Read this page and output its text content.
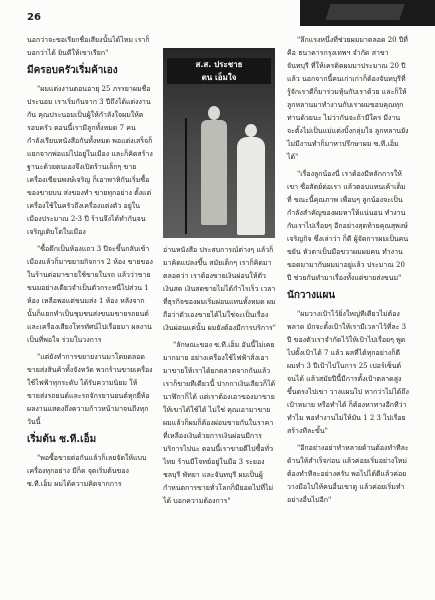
26

นอกว่าจะขอเรียกชื่อเสียงนั้นได้ไหม เราก็บอกว่าได้ ยินดีให้เขาเรียก"

มีครอบครัวเริ่มค้าเอง

"ผมแต่งงานตอนอายุ 25 ภรรยาผมชื่อ ประนอม เราเริ่มกันจาก 3 ปีถึงได้แต่งงานกัน คุณประนอมเป็นผู้ให้กำลังใจผมให้ตรอบครัว ตอนนี้เรามีลูกทั้งหมด 7 คน กำลังเรียนหนังสือกันทั้งหมด พอแต่งเสร็จก็แยกจากพ่อแม่ไปอยู่ในเมือง และก็คิดสร้างฐานะด้วยตนเองจึงเปิดร้านเล็กๆ ขายเครื่องเขียนพงษ์เจริญ ก็เอาพาหิกันเริ่มซื้อของขายบน ส่งของทำ ขายทุกอย่าง ตั้งแต่เครื่องใช้ในครัวถึงเครื่องแต่งตัว อยู่ในเมืองประมาณ 2-3 ปี ร้านจึงได้ทำกันจนเจริญเติบโตในเมือง

"ซื้อตึกเป็นห้องแถว 3 ปีจะขึ้นกลับเข้าเมืองแล้วก็มาขยายกิจการ 2 ห้อง ขายของในร้านต่อมาขายใช้ขายในรถ แล้วว่าขายขนมอย่างเดียวจำเป็นตัวกระหนี่ไปส่วน 1 ห้อง เหลือพอแต่ขนมส่ง 1 ห้อง หลังจากนั้นก็แยกทำเป็นชุมชนส่งขนมขายรถยนต์และเครื่องเสียงโทรทัศน์ไปเรื่อยมา ผลงานเป็นที่พอใจ ร่วมในวงการ

"แต่ยังทำการขยายงานมาโดยตลอด ขายส่งสินค้าทั้งจังหวัด พวกร้านขายเครื่องใช้ไฟฟ้าทุกระดับ ได้รับความนิยม ให้ขายส่งรถยนต์และรถจักรยานยนต์ทุกยี่ห้อ ผลงานแสดงถึงความก้าวหน้ามาจนถึงทุกวันนี้

เริ่มต้น ซ.ที.เอ็ม

"พอซื้อขายต่อกันแล้วก็เลยจัดให้แบบเครื่องทุกอย่าง มีก็ด จุดเริ่มต้นของ ซ.ที.เอ็ม ผมได้ความคิดจากการ

ส.ส. ประชาธ
ตน เอ็มใจ

อ่านหนังสือ ประสบการณ์ต่างๆ แล้วก็มาคิดแปลงขึ้น สมัยเด็กๆ เราก็คิดมาตลอดว่า เราต้องขายเงินผ่อนให้ตัวเงินสด เงินสดขายไม่ได้กำไรเร็ว เวลาที่ธุรกิจของผมเริ่มผ่อนแทนทั้งหมด ผมถือว่าตัวเองขายได้ไม่ใช่จะเป็นเรื่องเงินผ่อนแค่นั้น ผมยังต้องมีการบริการ"

"ลักษณะของ ซ.ที.เอ็ม อันนี้ไม่เคยมากมาย อย่างเครื่องใช้ไฟฟ้าสิ่งเอามาขายให้เราได้ยกตลาดจากกันแล้วเราก็ขายทีเดียวนี้ ปากกาเงินเลียวก็ได้นาฬิกาก็ได้ แต่เราต้องเอาของมาขายให้เขาได้ใช้ได้ ไม่ใช่ คุณเอามาขายผมแล้วก็ผมก็ต้องผ่อนขายกันในราคาที่เหลืองเงินด้วยการเงินผ่อนมีการบริการไปนะ ตอนนี้เราขายดีไปซื้อทั่วไทย ร้านมีโจทย์อยู่ในมือ 3 ระยอง ชลบุรี พัทยา และจันทบุรี ผมเป็นผู้กำหนดการขายทั่วโลกก็มียอดไปที่ไม่ได้ บอกความต้องการ"

"ลึกแรงหนึ่งที่ช่วยผมมาตลอด 20 ปีที่คือ ธนาคารกรุงเทพฯ จำกัด สาขาจันทบุรี ที่ให้เครดิตผมมาประมาณ 20 ปีแล้ว นอกจากนี้คนเก่าเก่าก็ต้องจันทบุรีที่รู้จักเราดีก็มาร่วมหุ้นกับเราด้วย และก็ให้ลูกหลานมาทำงานกับเราผมขอบคุณทุกท่านด้วยนะ ไม่ว่ากันจะถ้ามีใคร มีงาน จะตั้งไม่เป็นแม่แต่งบิ้งกลุ่มใจ ลูกหลานยังไม่มีงานทำก็มาหาปรึกษาผม ซ.ที.เอ็ม ได้"

"เรื่องลูกน้องนี่ เราต้องมีหลักการให้เขา ซื่อสัตย์ต่อเรา แล้วตอบแทนเค้าเต็มที่ ขณะนี้คุณภาพ เพื่อนๆ ลูกน้องจะเป็นกำลังสำคัญของผมหาให้แน่นอน ทำงานกับเราไปเรื่อยๆ อีกอย่างสุดท้ายคุณสุพงษ์ เจริญกิจ ซึ่งเล่าว่า ก็ดี ผู้จัดการผมเป็นคนขยัน หัวตาเป็นมือขวาผมผมคน ทำงานขอดมามากับผมมาอยู่แล้ว ประมาณ 20 ปี ช่วยกันทำมาเรื่องทั้งแต่ขายส่งขนม"

นักวางแผน

"ผมวางเป้าไว้ยิ่งใหญ่ทีเดียวไม่ต้องพลาด มักจะตั้งเป้าให้เรามีเวลาไว้ที่ละ 3 ปี ของตัวเราจำกัดไว้ให้เป้าไปเรื่อยๆ พูดไปตั้งเป้าได้ 7 แล้ว ผลที่ได้ทุกอย่างก็ดี ผมทำ 3 ปีเป้าไปในการ 25 เปอร์เซ็นต์ จนได้ แล้วสมัยปีนี้มีการตั้งเป้าตลาดสูงขึ้นตรงไปเขา วางแผนไป หากว่าไม่ได้ถึงเป้าหมาย หรือทำได้ ก็ต้องหาทางอีกทีว่าทำไม พอทำงานไม่ให้มัน 1 2 3 ไปเรื่อย สร้างทีละขั้น"

"อีกอย่างอย่าทำหลายด้านต้องทำทีละด้านให้สำเร็จก่อน แล้วค่อยเริ่มอย่างใหม่ ต้องทำทีละอย่างครับ พอไปได้ดีแล้วค่อยวางมือไปให้คนอื่นเขาดู แล้วค่อยเริ่มทำอย่างอื่นไปอีก"
